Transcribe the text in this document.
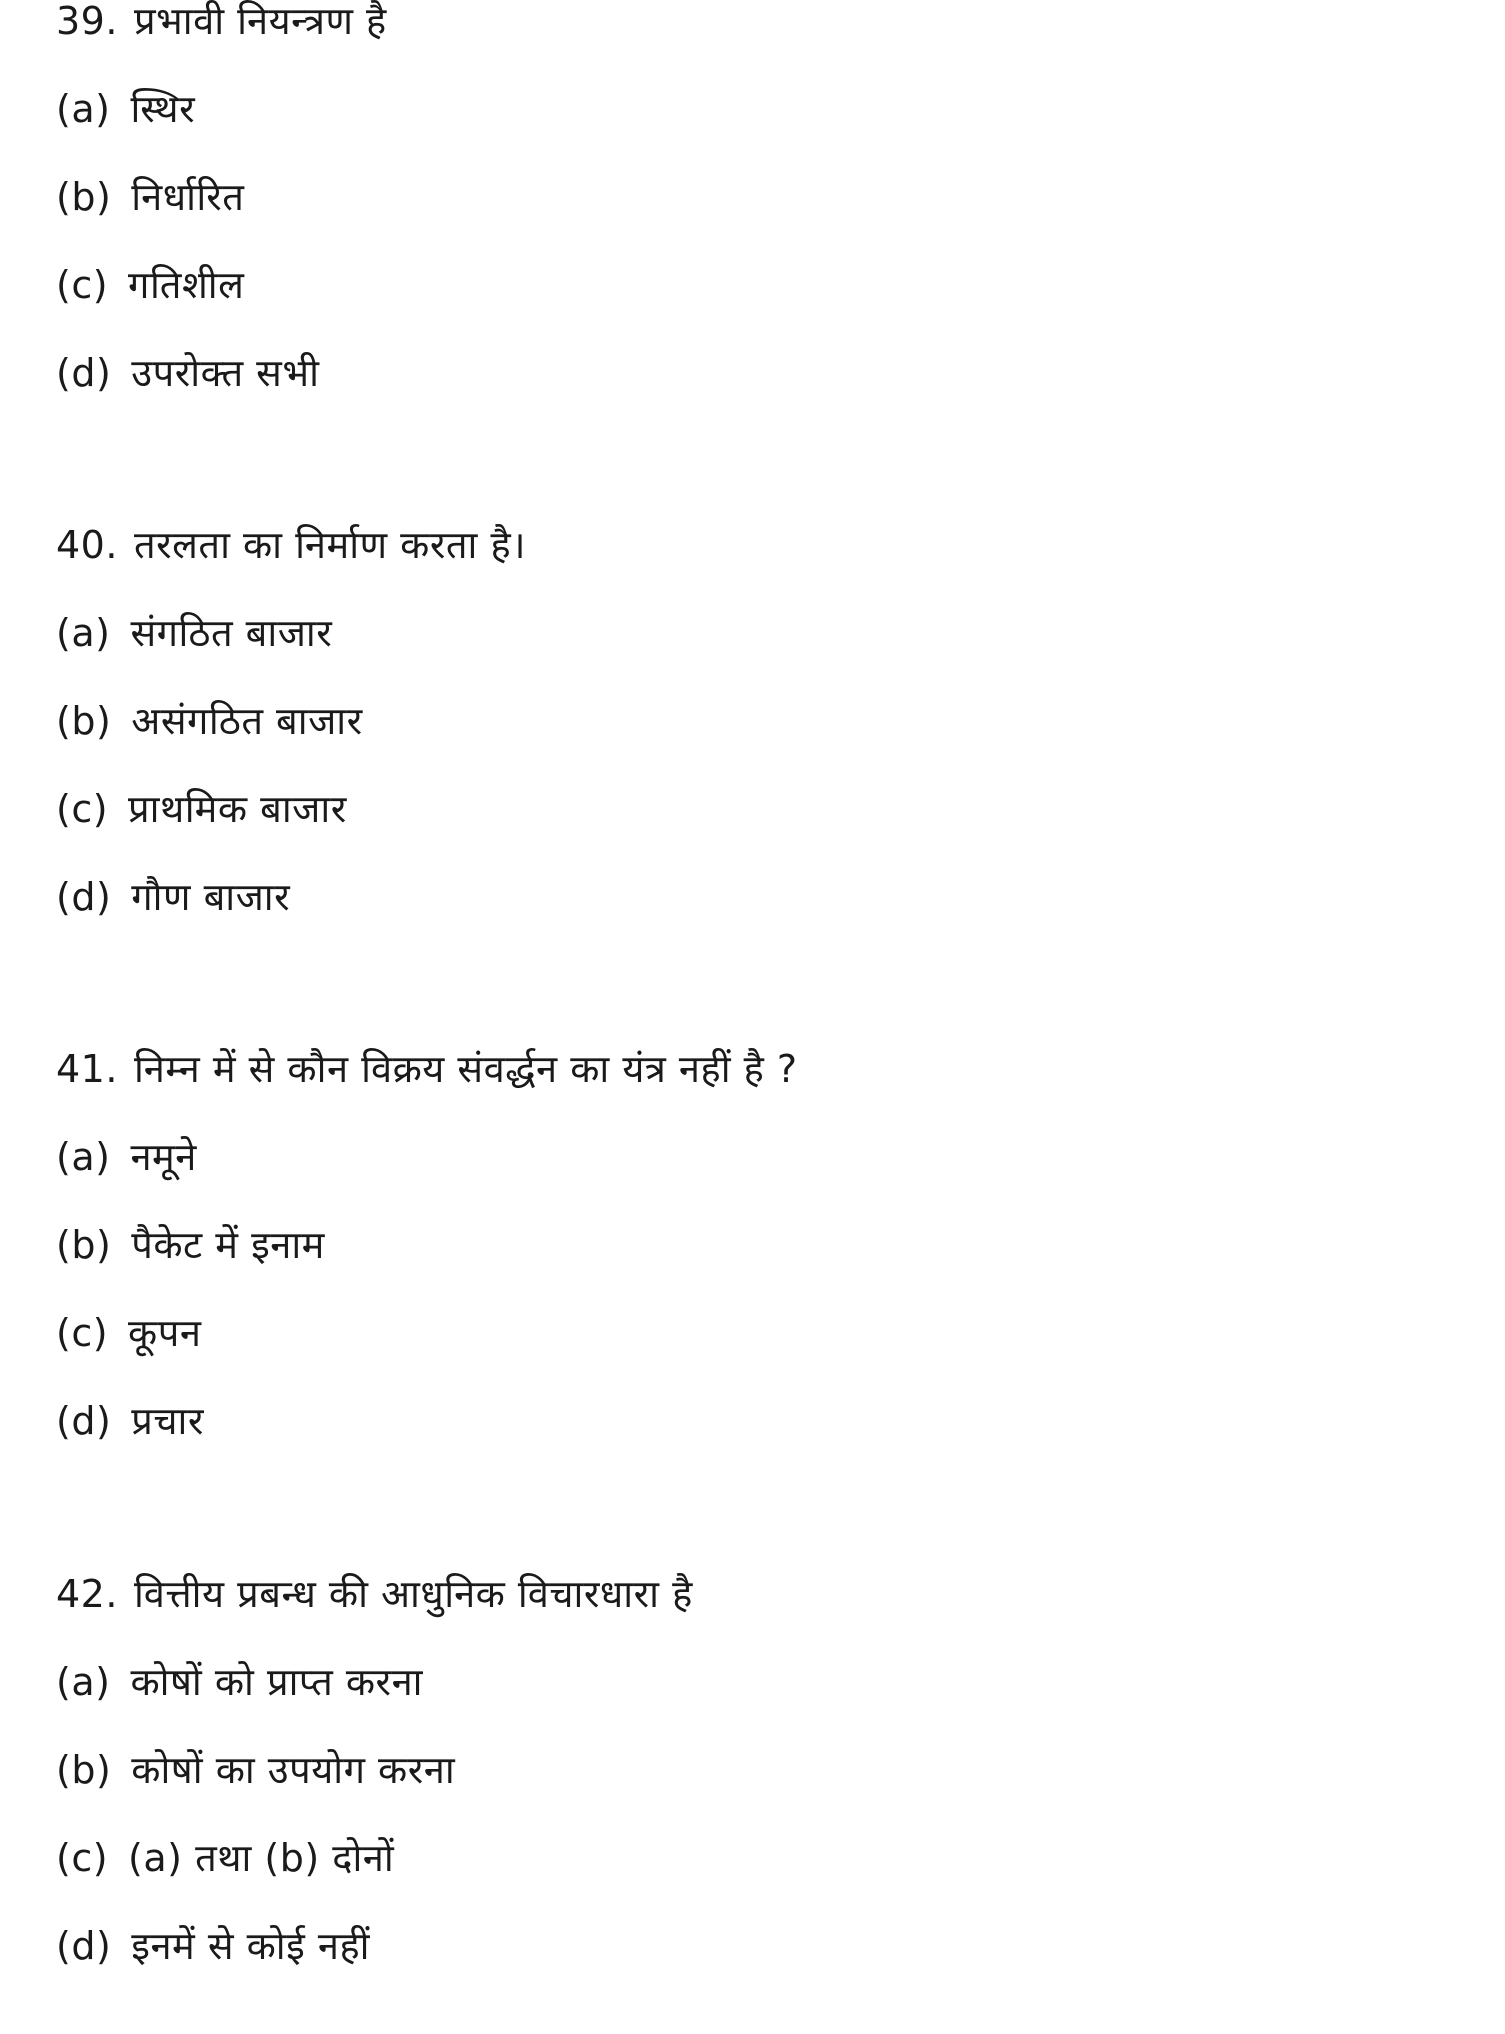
39. प्रभावी नियन्त्रण है
(a) स्थिर
(b) निर्धारित
(c) गतिशील
(d) उपरोक्त सभी
40. तरलता का निर्माण करता है।
(a) संगठित बाजार
(b) असंगठित बाजार
(c) प्राथमिक बाजार
(d) गौण बाजार
41. निम्न में से कौन विक्रय संवर्द्धन का यंत्र नहीं है ?
(a) नमूने
(b) पैकेट में इनाम
(c) कूपन
(d) प्रचार
42. वित्तीय प्रबन्ध की आधुनिक विचारधारा है
(a) कोषों को प्राप्त करना
(b) कोषों का उपयोग करना
(c) (a) तथा (b) दोनों
(d) इनमें से कोई नहीं
